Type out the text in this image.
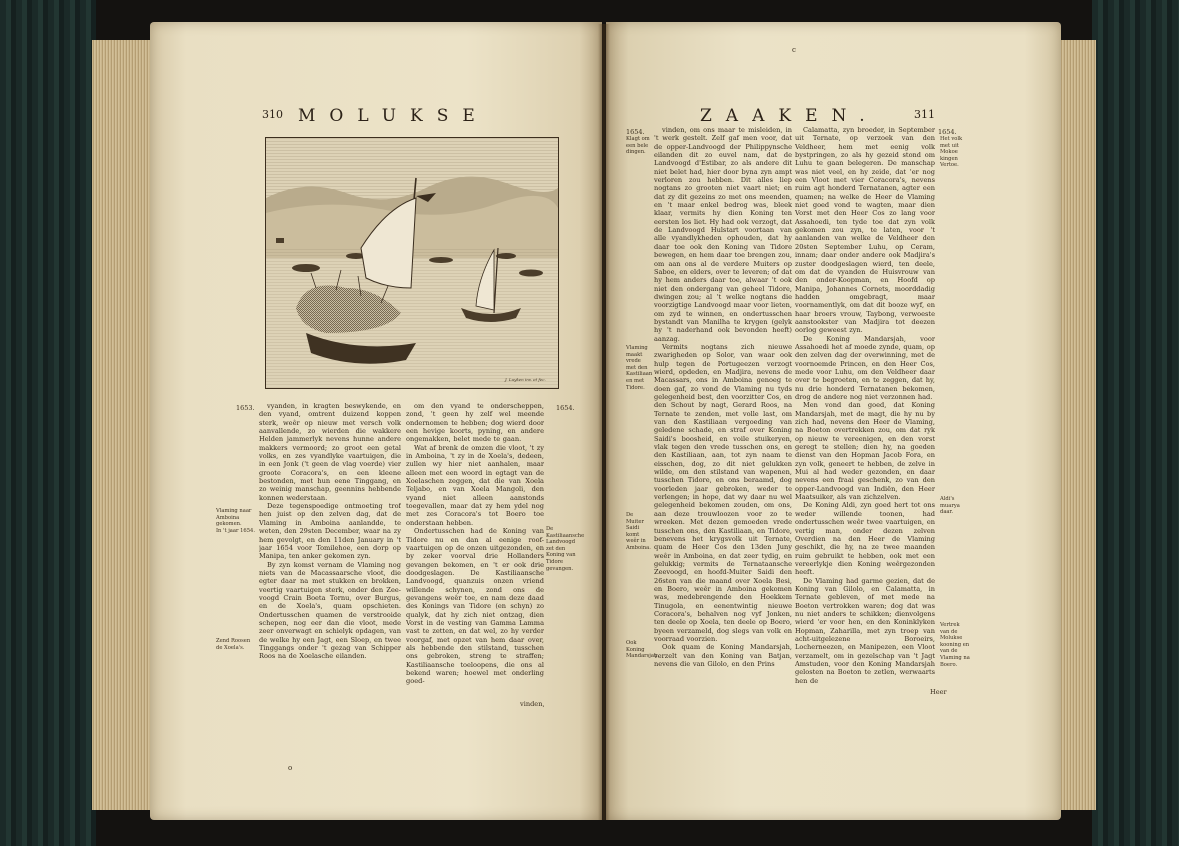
310 MOLUKSE
J. Luyken inv. et fec.
1653.	1654.
Vlaming naar Amboina gekomen.
In 't jaar 1654.
Zend Roosen de Xoela's.
De Kastiliaansche Landvoogd zet den Koning van Tidore gevangen.

vyanden, in kragten beswykende, en den vyand, omtrent duizend koppen sterk, weêr op nieuw met versch volk aanvallende, zo wierden die wakkere Helden jammerlyk nevens hunne andere makkers vermoord; zo groot een getal volks, en zes vyandlyke vaartuigen, die in een Jonk ('t geen de vlag voerde) vier groote Coracora's, en een kleene bestonden, met hun eene Tinggang, en zo weinig manschap, geennins hebbende konnen wederstaan.

Deze tegenspoedige ontmoeting trof hen juist op den zelven dag, dat de Vlaming in Amboina aanlandde, te weten, den 29sten December, waar na zy hem gevolgt, en den 11den January in 't jaar 1654 voor Tomilehoe, een dorp op Manipa, ten anker gekomen zyn.

By zyn komst vernam de Vlaming nog niets van de Macassaarsche vloot, die egter daar na met stukken en brokken, veertig vaartuigen sterk, onder den Zee-voogd Crain Boeta Tornu, over Burgus, en de Xoela's, quam opschieten. Ondertusschen quamen de verstrooide schepen, nog eer dan die vloot, mede zeer onverwagt en schielyk opdagen, van de welke hy een Jagt, een Sloep, en twee Tinggangs onder 't gezag van Schipper Roos na de Xoelasche eilanden.

om den vyand te onderscheppen, zond, 't geen hy zelf wel meende ondernomen te hebben; dog wierd door een hevige koorts, pyning, en andere ongemakken, belet mede te gaan.

Wat af brenk de omzen die vloot, 't zy in Amboina, 't zy in de Xoela's, dedeen, zullen wy hier niet aanhalen, maar alleen met een woord in egtagt van de Xoelaschen zeggen, dat die van Xoela Teljabo, en van Xoela Mangoli, den vyand niet alleen aanstonds toegevallen, maar dat zy hem ydel nog met zes Coracora's tot Boero toe onderstaan hebben.

Ondertusschen had de Koning van Tidore nu en dan al eenige roof-vaartuigen op de onzen uitgezonden, en by zeker voorval drie Hollanders gevangen bekomen, en 't er ook drie doodgeslagen. De Kastiliaansche Landvoogd, quanzuis onzen vriend willende schynen, zond ons de gevangens weêr toe, en nam deze daad des Konings van Tidore (en schyn) zo qualyk, dat hy zich niet ontzag, dien Vorst in de vesting van Gamma Lamma vast te zetten, en dat wel, zo hy verder voorgaf, met opzet van hem daar over, als hebbende den stilstand, tusschen ons gebroken, streng te straffen; Kastiliaansche toeloopens, die ons al bekend waren; hoewel met onderling goed-

vinden,
o
c
ZAAKEN.	311
1654.	1654.
Klagt om een bele dingen.
Vlaming maakt vrede met den Kastiliaan en met Tidore.
De Muiter Saidi komt weêr in Amboina.
Ook Koning Mandarsjah.
Het volk met uit Mokoe kingen Vertoe.
Aldi's muarya daar.
Vertrek van de Molukse kooning en van de Vlaming na Boero.

vinden, om ons maar te misleiden, in 't werk gestelt. Zelf gaf men voor, dat de opper-Landvoogd der Philippynsche eilanden dit zo euvel nam, dat de Landvoogd d'Estibar, zo als andere dit niet belet had, hier door byna zyn ampt verloren zou hebben. Dit alles liep nogtans zo grooten niet vaart niet; en dat zy dit gezeins zo met ons meenden, en 't maar enkel bedrog was, bleek klaar, vermits hy dien Koning ten eersten los liet. Hy had ook verzogt, dat de Landvoogd Hulstart voortaan van alle vyandlykheden ophouden, dat hy daar toe ook den Koning van Tidore bewegen, en hem daar toe brengen zou, om aan ons al de verdere Muiters op Saboe, en elders, over te leveren; of dat hy hem anders daar toe, alwaar 't ook niet den ondergang van geheel Tidore, dwingen zou; al 't welke nogtans die voorzigtige Landvoogd maar voor lieten, om zyd te winnen, en ondertusschen bystandt van Manilha te krygen (gelyk hy 't naderhand ook bevonden heeft) aanzag.

Vermits nogtans zich nieuwe zwarigheden op Solor, van waar ook hulp tegen de Portugeezen verzogt wierd, opdeden, en Madjira, nevens de Macassars, ons in Amboina genoeg te doen gaf, zo vond de Vlaming nu tyds gelegenheid best, den voorzitter Cos, en den Schout by nagt, Gerard Roos, na Ternate te zenden, met volle last, om van den Kastiliaan vergoeding van geledene schade, en straf over Koning Saidi's boosheid, en voile stuikeryen, vlak tegen den vrede tusschen ons, en den Kastiliaan, aan, tot zyn naam te eisschen, dog, zo dit niet gelukken wilde, om den stilstand van wapenen, tusschen Tidore, en ons beraamd, dog voorleden jaar gebroken, weder te verlengen; in hope, dat wy daar nu wel gelegenheid bekomen zouden, om ons, aan deze trouwloozen voor zo te wreeken. Met dezen gemoeden vrede tusschen ons, den Kastiliaan, en Tidore, benevens het krygsvolk uit Ternate, quam de Heer Cos den 13den Juny weêr in Amboina, en dat zeer tydig, en gelukkig; vermits de Ternataansche Zeevoogd, en hoofd-Muiter Saidi den 26sten van die maand over Xoela Besi, en Boero, weêr in Amboina gekomen was, medebrengende den Hoekkem Tinugola, en eenentwintig nieuwe Coracora's, behalven nog vyf Jonken, ten deele op Xoela, ten deele op Boero, byeen verzameld, dog slegs van volk en voorraad voorzien.

Ook quam de Koning Mandarsjah, verzelt van den Koning van Batjan, nevens die van Gilolo, en den Prins

Calamatta, zyn broeder, in September uit Ternate, op verzoek van den Veldheer, hem met eenig volk bystpringen, zo als hy gezeid stond om Luhu te gaan belegeren. De manschap was niet veel, en hy zeide, dat 'er nog een Vloot met vier Coracora's, nevens ruim agt honderd Ternatanen, agter een quamen; na welke de Heer de Vlaming niet goed vond te wagten, maar dien Vorst met den Heer Cos zo lang voor Assahoedi, ten tyde toe dat zyn volk gekomen zou zyn, te laten, voor 't aanlanden van welke de Veldheer den 20sten September Luhu, op Ceram, innam; daar onder andere ook Madjira's zuster doodgeslagen wierd, ten deele, om dat de vyanden de Huisvrouw van den onder-Koopman, en Hoofd op Manipa, Johannes Cornets, moorddadig hadden omgebragt, maar voornamentlyk, om dat dit booze wyf, en haar broers vrouw, Taybong, verwoeste aanstookster van Madjira tot deezen oorlog geweest zyn.

De Koning Mandarsjah, voor Assahoedi het af moede zynde, quam, op den zelven dag der overwinning, met de voornoemde Princen, en den Heer Cos, mede voor Luhu, om den Veldheer daar over te begroeten, en te zeggen, dat hy, nu drie honderd Ternatanen bekomen, drog de andere nog niet verzonnen had.

Men vond dan goed, dat Koning Mandarsjah, met de magt, die hy nu by zich had, nevens den Heer de Vlaming, na Boeton overtrekken zou, om dat ryk op nieuw te vereenigen, en den vorst geregt te stellen; dien hy, na goeden dienst van den Hopman Jacob Fora, en zyn volk, geneert te hebben, de zelve in Mui al had weder gezonden, en daar nevens een fraai geschenk, zo van den opper-Landvoogd van Indiën, den Heer Maatsuiker, als van zichzelven.

De Koning Aldi, zyn goed hert tot ons weder willende toonen, had ondertusschen weêr twee vaartuigen, en vertig man, onder dezen zelven Overdien na den Heer de Vlaming geschikt, die hy, na ze twee maanden ruim gebruikt te hebben, ook met een vereerlykje dien Koning weêrgezonden heeft.

De Vlaming had garme gezien, dat de Koning van Gilolo, en Calamatta, in Ternate gebleven, of met mede na Boeton vertrokken waren; dog dat was nu niet anders te schikken; dienvolgens wierd 'er voor hen, en den Koninklyken Hopman, Zaharilla, met zyn troep van acht-uitgelezene Boroeirs, Locherneezen, en Manipezen, een Vloot verzamelt, om in gezelschap van 't Jagt Amstuden, voor den Koning Mandarsjah gelosten na Boeton te zetlen, werwaarts hen de

Heer
